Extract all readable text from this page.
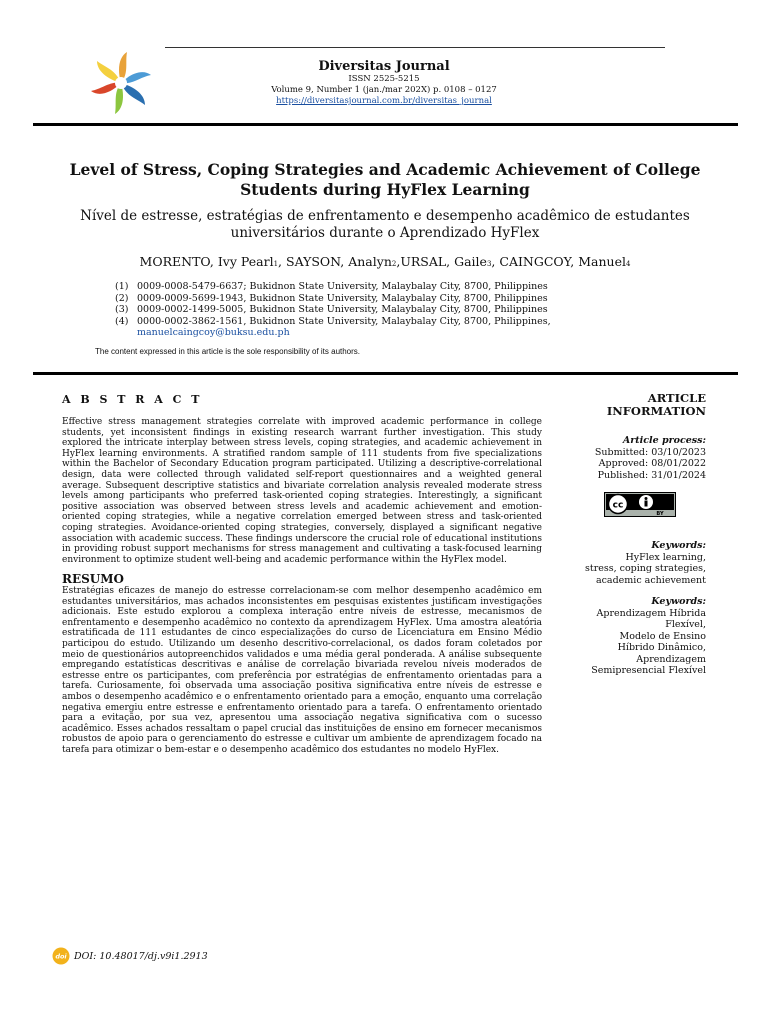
Diversitas Journal
ISSN 2525-5215
Volume 9, Number 1 (jan./mar 202X) p. 0108 – 0127
https://diversitasjournal.com.br/diversitas_journal
Level of Stress, Coping Strategies and Academic Achievement of College Students during HyFlex Learning
Nível de estresse, estratégias de enfrentamento e desempenho acadêmico de estudantes universitários durante o Aprendizado HyFlex
MORENTO, Ivy Pearl1, SAYSON, Analyn2,URSAL, Gaile3, CAINGCOY, Manuel4
(1) 0009-0008-5479-6637; Bukidnon State University, Malaybalay City, 8700, Philippines
(2) 0009-0009-5699-1943, Bukidnon State University, Malaybalay City, 8700, Philippines
(3) 0009-0002-1499-5005, Bukidnon State University, Malaybalay City, 8700, Philippines
(4) 0000-0002-3862-1561, Bukidnon State University, Malaybalay City, 8700, Philippines,
manuelcaingcoy@buksu.edu.ph
The content expressed in this article is the sole responsibility of its authors.
A B S T R A C T
Effective stress management strategies correlate with improved academic performance in college students, yet inconsistent findings in existing research warrant further investigation. This study explored the intricate interplay between stress levels, coping strategies, and academic achievement in HyFlex learning environments. A stratified random sample of 111 students from five specializations within the Bachelor of Secondary Education program participated. Utilizing a descriptive-correlational design, data were collected through validated self-report questionnaires and a weighted general average. Subsequent descriptive statistics and bivariate correlation analysis revealed moderate stress levels among participants who preferred task-oriented coping strategies. Interestingly, a significant positive association was observed between stress levels and academic achievement and emotion-oriented coping strategies, while a negative correlation emerged between stress and task-oriented coping strategies. Avoidance-oriented coping strategies, conversely, displayed a significant negative association with academic success. These findings underscore the crucial role of educational institutions in providing robust support mechanisms for stress management and cultivating a task-focused learning environment to optimize student well-being and academic performance within the HyFlex model.
RESUMO
Estratégias eficazes de manejo do estresse correlacionam-se com melhor desempenho acadêmico em estudantes universitários, mas achados inconsistentes em pesquisas existentes justificam investigações adicionais. Este estudo explorou a complexa interação entre níveis de estresse, mecanismos de enfrentamento e desempenho acadêmico no contexto da aprendizagem HyFlex. Uma amostra aleatória estratificada de 111 estudantes de cinco especializações do curso de Licenciatura em Ensino Médio participou do estudo. Utilizando um desenho descritivo-correlacional, os dados foram coletados por meio de questionários autopreenchidos validados e uma média geral ponderada. A análise subsequente empregando estatísticas descritivas e análise de correlação bivariada revelou níveis moderados de estresse entre os participantes, com preferência por estratégias de enfrentamento orientadas para a tarefa. Curiosamente, foi observada uma associação positiva significativa entre níveis de estresse e ambos o desempenho acadêmico e o enfrentamento orientado para a emoção, enquanto uma correlação negativa emergiu entre estresse e enfrentamento orientado para a tarefa. O enfrentamento orientado para a evitação, por sua vez, apresentou uma associação negativa significativa com o sucesso acadêmico. Esses achados ressaltam o papel crucial das instituições de ensino em fornecer mecanismos robustos de apoio para o gerenciamento do estresse e cultivar um ambiente de aprendizagem focado na tarefa para otimizar o bem-estar e o desempenho acadêmico dos estudantes no modelo HyFlex.
ARTICLE
INFORMATION
Article process:
Submitted: 03/10/2023
Approved: 08/01/2022
Published: 31/01/2024
cc
BY
Keywords:
HyFlex learning,
stress, coping strategies,
academic achievement
Keywords:
Aprendizagem Híbrida
Flexível,
Modelo de Ensino
Híbrido Dinâmico,
Aprendizagem
Semipresencial Flexível
doi DOI: 10.48017/dj.v9i1.2913
